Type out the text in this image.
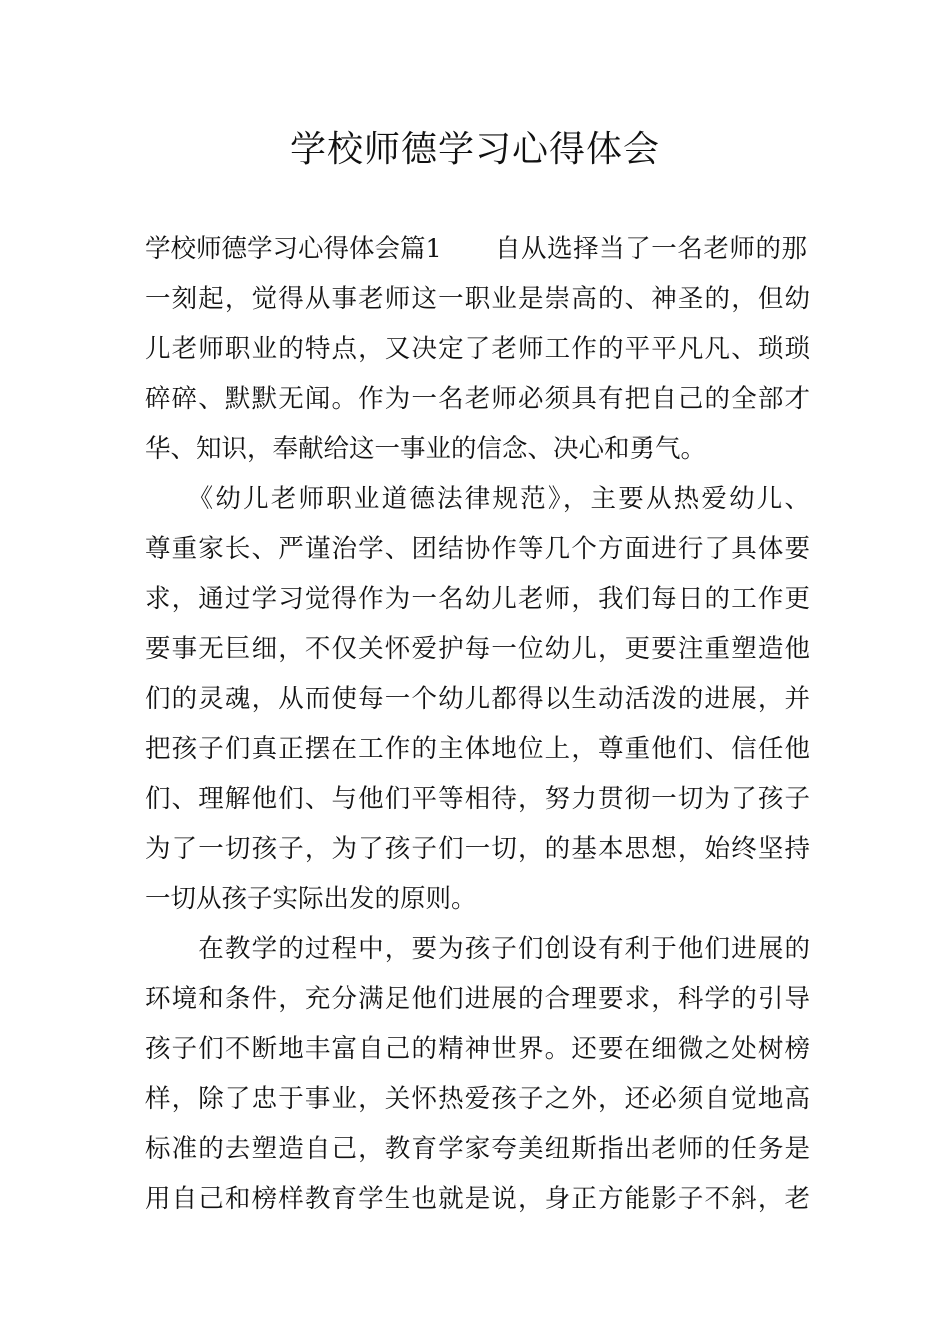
学校师德学习心得体会
学校师德学习心得体会篇1 自从选择当了一名老师的那
一刻起，觉得从事老师这一职业是崇高的、神圣的，但幼
儿老师职业的特点，又决定了老师工作的平平凡凡、琐琐
碎碎、默默无闻。作为一名老师必须具有把自己的全部才
华、知识，奉献给这一事业的信念、决心和勇气。
　　《幼儿老师职业道德法律规范》，主要从热爱幼儿、
尊重家长、严谨治学、团结协作等几个方面进行了具体要
求，通过学习觉得作为一名幼儿老师，我们每日的工作更
要事无巨细，不仅关怀爱护每一位幼儿，更要注重塑造他
们的灵魂，从而使每一个幼儿都得以生动活泼的进展，并
把孩子们真正摆在工作的主体地位上，尊重他们、信任他
们、理解他们、与他们平等相待，努力贯彻一切为了孩子
为了一切孩子，为了孩子们一切，的基本思想，始终坚持
一切从孩子实际出发的原则。
　　在教学的过程中，要为孩子们创设有利于他们进展的
环境和条件，充分满足他们进展的合理要求，科学的引导
孩子们不断地丰富自己的精神世界。还要在细微之处树榜
样，除了忠于事业，关怀热爱孩子之外，还必须自觉地高
标准的去塑造自己，教育学家夸美纽斯指出老师的任务是
用自己和榜样教育学生也就是说，身正方能影子不斜，老
